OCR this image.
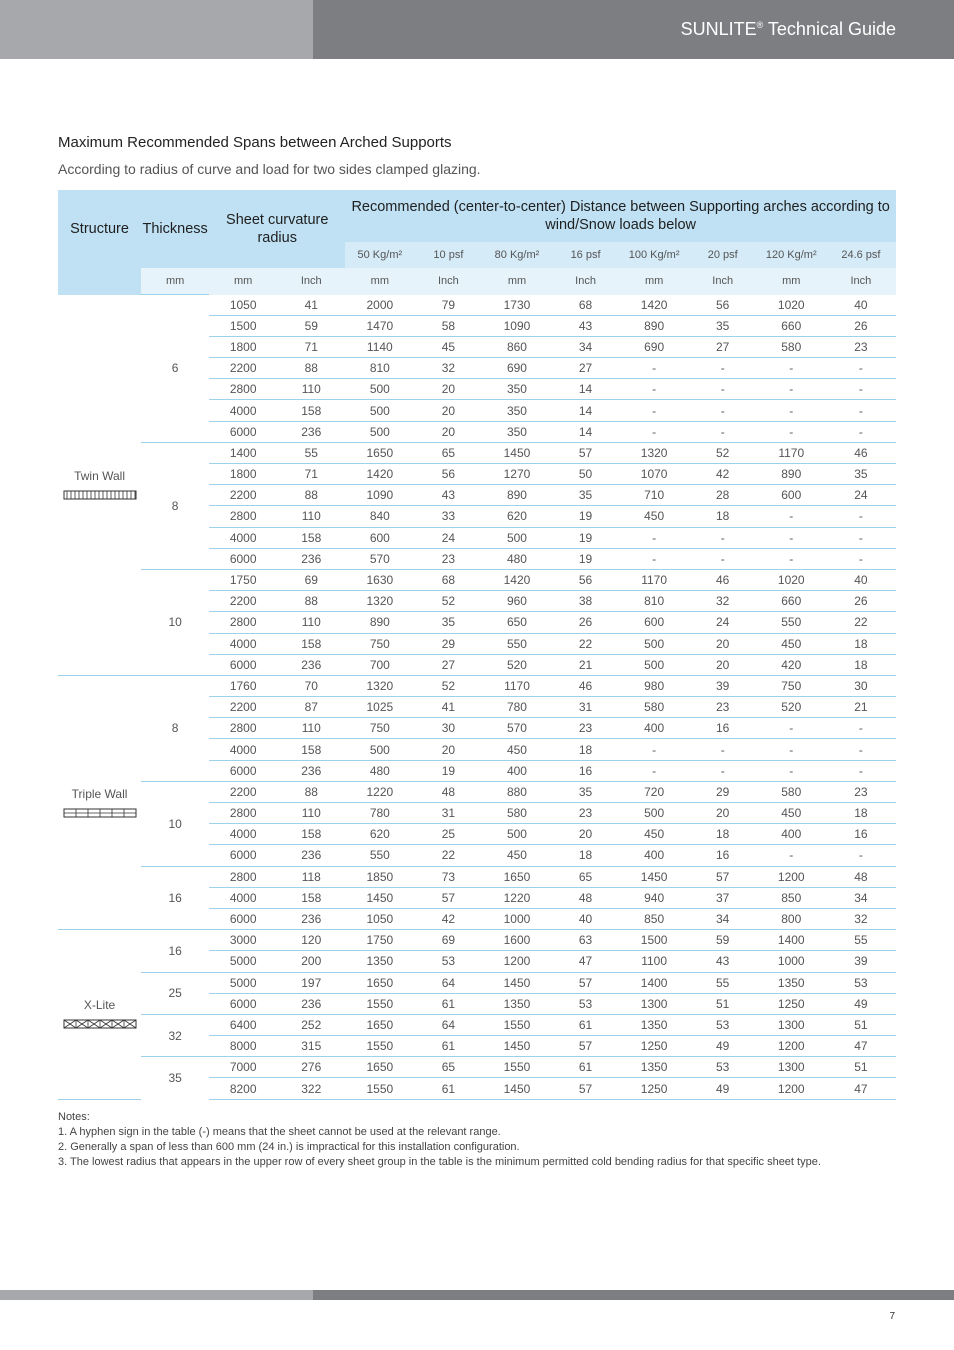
SUNLITE® Technical Guide
Maximum Recommended Spans between Arched Supports
According to radius of curve and load for two sides clamped glazing.
Structure	Thickness	Sheet curvature radius		Recommended (center-to-center) Distance between Supporting arches according to wind/Snow loads below							
				50 Kg/m²	10 psf	80 Kg/m²	16 psf	100 Kg/m²	20 psf	120 Kg/m²	24.6 psf
	mm	mm	Inch	mm	Inch	mm	Inch	mm	Inch	mm	Inch

Twin Wall	6	1050	41	2000	79	1730	68	1420	56	1020	40
		1500	59	1470	58	1090	43	890	35	660	26
		1800	71	1140	45	860	34	690	27	580	23
		2200	88	810	32	690	27	-	-	-	-
		2800	110	500	20	350	14	-	-	-	-
		4000	158	500	20	350	14	-	-	-	-
		6000	236	500	20	350	14	-	-	-	-
	8	1400	55	1650	65	1450	57	1320	52	1170	46
		1800	71	1420	56	1270	50	1070	42	890	35
		2200	88	1090	43	890	35	710	28	600	24
		2800	110	840	33	620	19	450	18	-	-
		4000	158	600	24	500	19	-	-	-	-
		6000	236	570	23	480	19	-	-	-	-
	10	1750	69	1630	68	1420	56	1170	46	1020	40
		2200	88	1320	52	960	38	810	32	660	26
		2800	110	890	35	650	26	600	24	550	22
		4000	158	750	29	550	22	500	20	450	18
		6000	236	700	27	520	21	500	20	420	18

Triple Wall	8	1760	70	1320	52	1170	46	980	39	750	30
		2200	87	1025	41	780	31	580	23	520	21
		2800	110	750	30	570	23	400	16	-	-
		4000	158	500	20	450	18	-	-	-	-
		6000	236	480	19	400	16	-	-	-	-
	10	2200	88	1220	48	880	35	720	29	580	23
		2800	110	780	31	580	23	500	20	450	18
		4000	158	620	25	500	20	450	18	400	16
		6000	236	550	22	450	18	400	16	-	-
	16	2800	118	1850	73	1650	65	1450	57	1200	48
		4000	158	1450	57	1220	48	940	37	850	34
		6000	236	1050	42	1000	40	850	34	800	32

X-Lite	16	3000	120	1750	69	1600	63	1500	59	1400	55
		5000	200	1350	53	1200	47	1100	43	1000	39
	25	5000	197	1650	64	1450	57	1400	55	1350	53
		6000	236	1550	61	1350	53	1300	51	1250	49
	32	6400	252	1650	64	1550	61	1350	53	1300	51
		8000	315	1550	61	1450	57	1250	49	1200	47
	35	7000	276	1650	65	1550	61	1350	53	1300	51
		8200	322	1550	61	1450	57	1250	49	1200	47
Notes:
1. A hyphen sign in the table (-) means that the sheet cannot be used at the relevant range.
2. Generally a span of less than 600 mm (24 in.) is impractical for this installation configuration.
3. The lowest radius that appears in the upper row of every sheet group in the table is the minimum permitted cold bending radius for that specific sheet type.
7
